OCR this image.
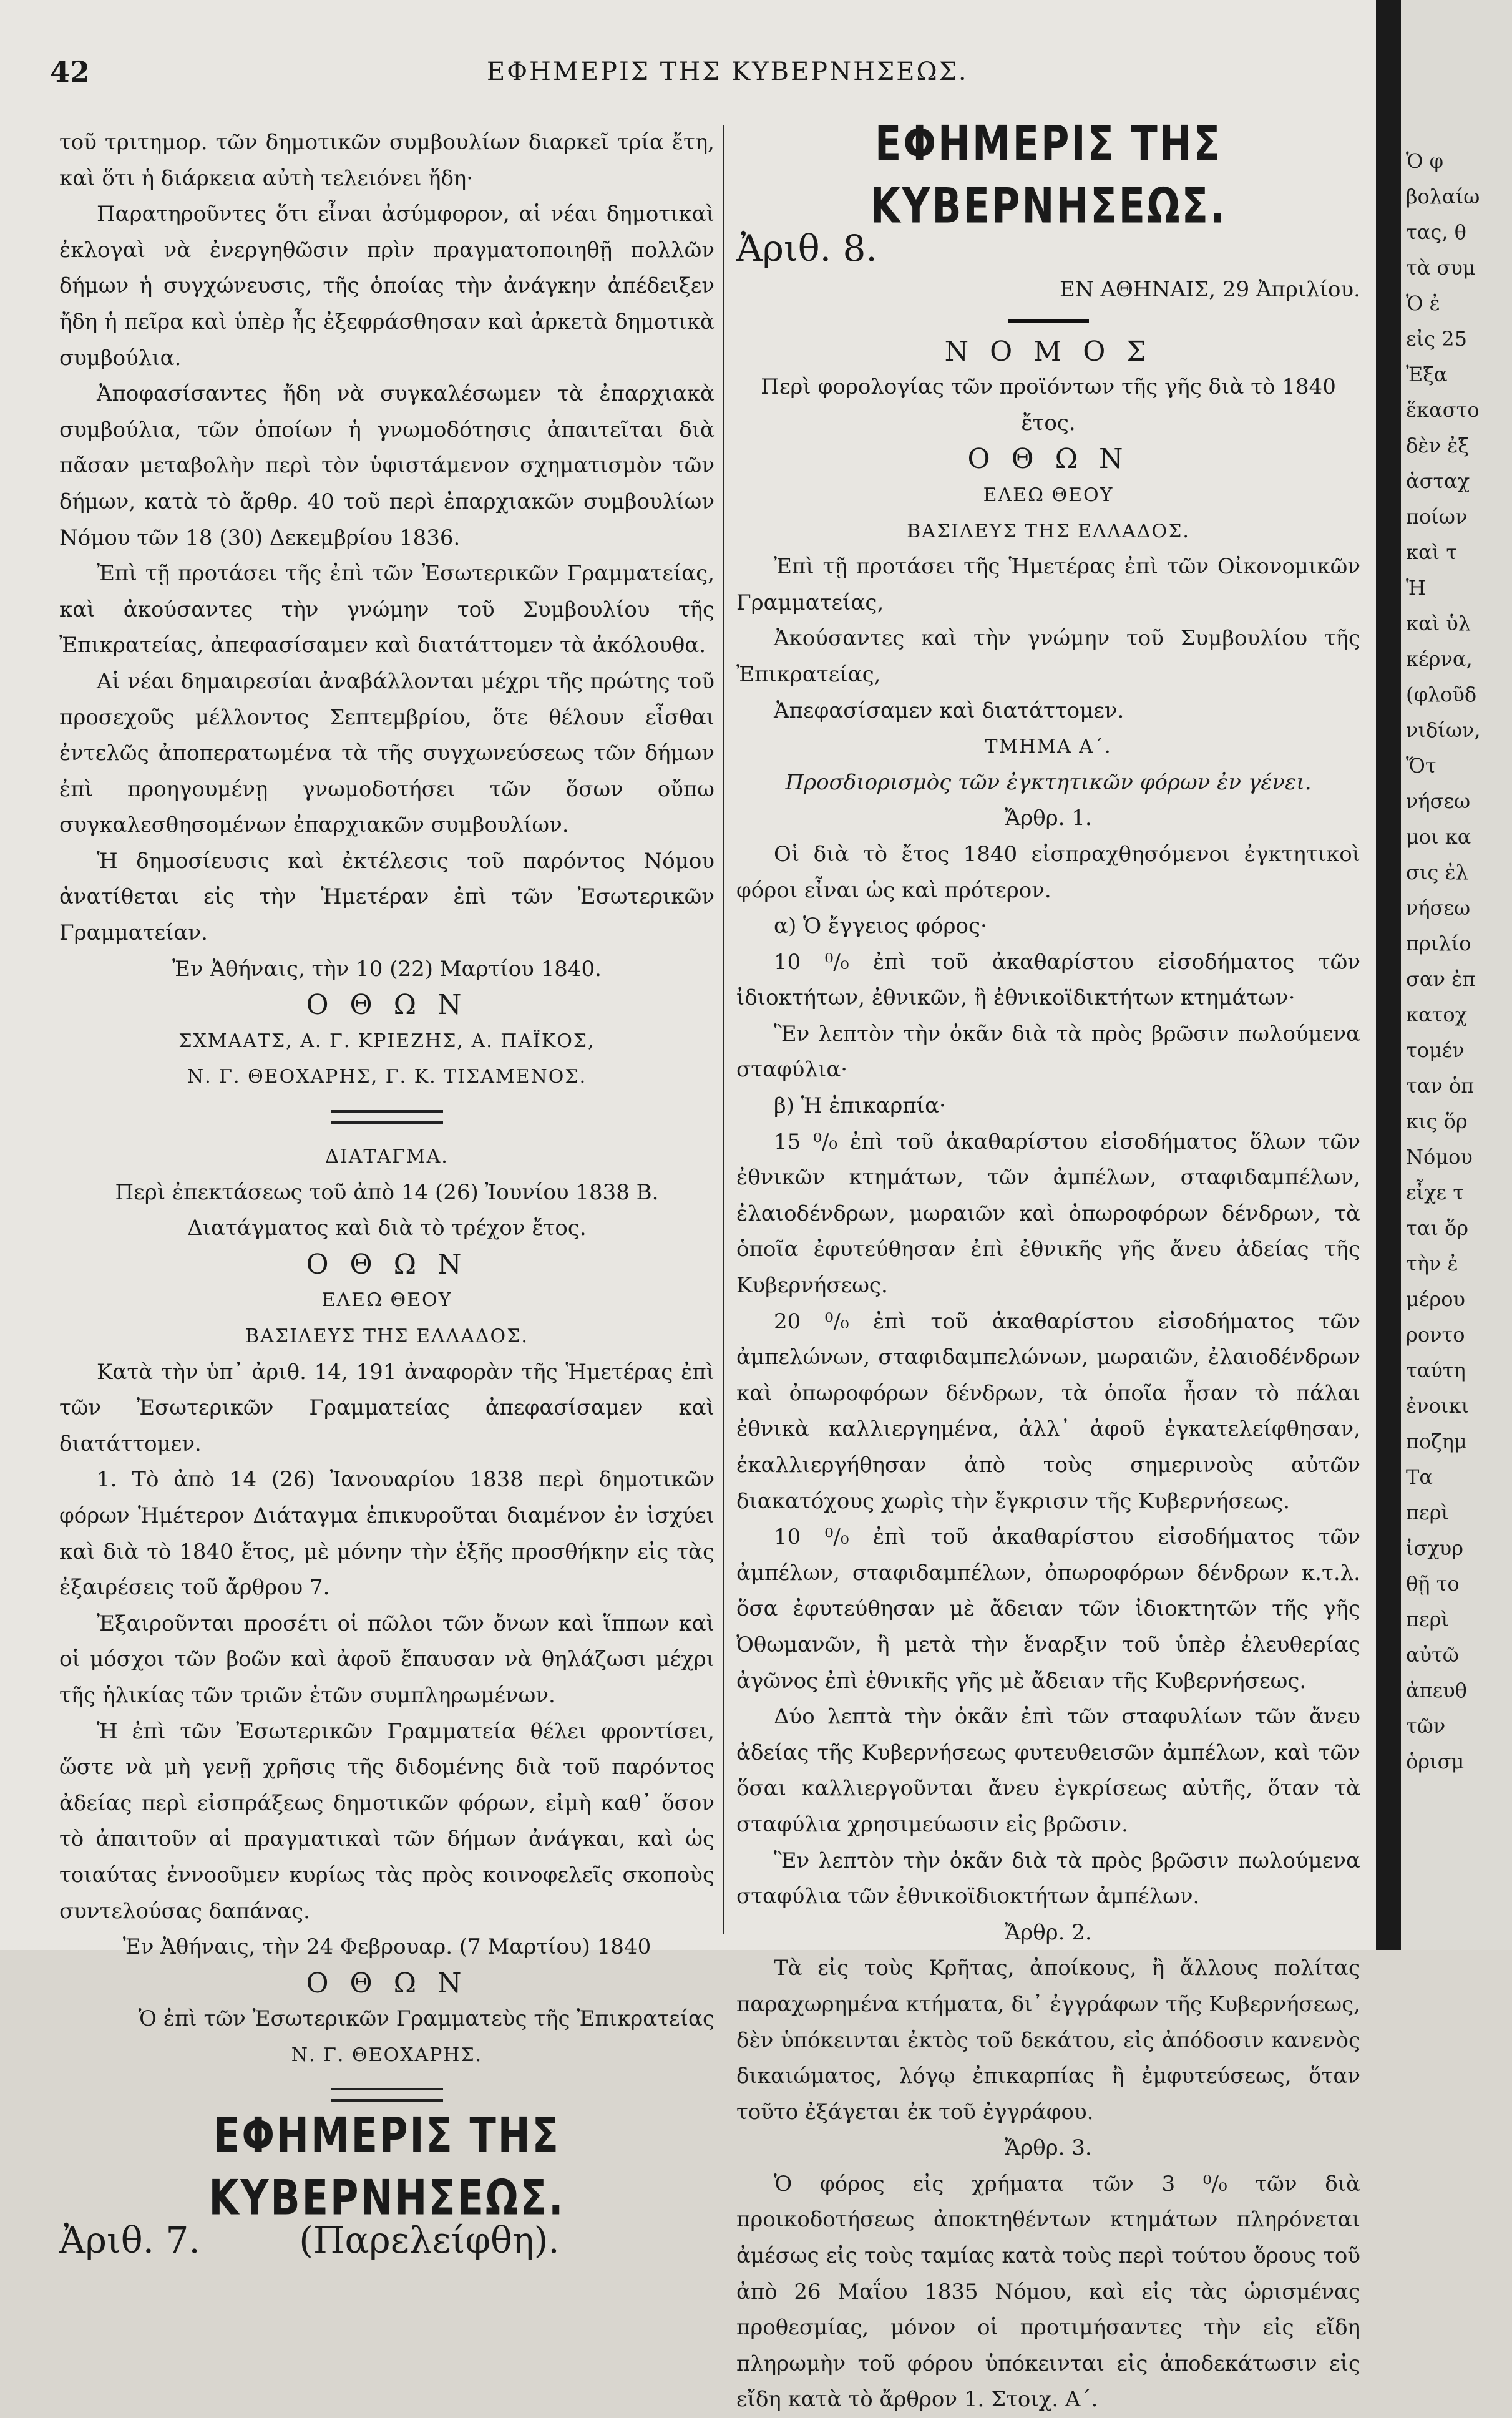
42	ΕΦΗΜΕΡΙΣ ΤΗΣ ΚΥΒΕΡΝΗΣΕΩΣ.

τοῦ τριτημορ. τῶν δημοτικῶν συμβουλίων διαρκεῖ τρία ἔτη, καὶ ὅτι ἡ διάρκεια αὐτὴ τελειόνει ἤδη·

Παρατηροῦντες ὅτι εἶναι ἀσύμφορον, αἱ νέαι δημοτικαὶ ἐκλογαὶ νὰ ἐνεργηθῶσιν πρὶν πραγματοποιηθῇ πολλῶν δήμων ἡ συγχώνευσις, τῆς ὁποίας τὴν ἀνάγκην ἀπέδειξεν ἤδη ἡ πεῖρα καὶ ὑπὲρ ἧς ἐξεφράσθησαν καὶ ἀρκετὰ δημοτικὰ συμβούλια.

Ἀποφασίσαντες ἤδη νὰ συγκαλέσωμεν τὰ ἐπαρχιακὰ συμβούλια, τῶν ὁποίων ἡ γνωμοδότησις ἀπαιτεῖται διὰ πᾶσαν μεταβολὴν περὶ τὸν ὑφιστάμενον σχηματισμὸν τῶν δήμων, κατὰ τὸ ἄρθρ. 40 τοῦ περὶ ἐπαρχιακῶν συμβουλίων Νόμου τῶν 18 (30) Δεκεμβρίου 1836.

Ἐπὶ τῇ προτάσει τῆς ἐπὶ τῶν Ἐσωτερικῶν Γραμματείας, καὶ ἀκούσαντες τὴν γνώμην τοῦ Συμβουλίου τῆς Ἐπικρατείας, ἀπεφασίσαμεν καὶ διατάττομεν τὰ ἀκόλουθα.

Αἱ νέαι δημαιρεσίαι ἀναβάλλονται μέχρι τῆς πρώτης τοῦ προσεχοῦς μέλλοντος Σεπτεμβρίου, ὅτε θέλουν εἶσθαι ἐντελῶς ἀποπερατωμένα τὰ τῆς συγχωνεύσεως τῶν δήμων ἐπὶ προηγουμένῃ γνωμοδοτήσει τῶν ὅσων οὔπω συγκαλεσθησομένων ἐπαρχιακῶν συμβουλίων.

Ἡ δημοσίευσις καὶ ἐκτέλεσις τοῦ παρόντος Νόμου ἀνατίθεται εἰς τὴν Ἡμετέραν ἐπὶ τῶν Ἐσωτερικῶν Γραμματείαν.

Ἐν Ἀθήναις, τὴν 10 (22) Μαρτίου 1840.

Ο Θ Ω Ν

ΣΧΜΑΑΤΣ, Α. Γ. ΚΡΙΕΖΗΣ, Α. ΠΑΪΚΟΣ,

Ν. Γ. ΘΕΟΧΑΡΗΣ, Γ. Κ. ΤΙΣΑΜΕΝΟΣ.

ΔΙΑΤΑΓΜΑ.

Περὶ ἐπεκτάσεως τοῦ ἀπὸ 14 (26) Ἰουνίου 1838 Β. Διατάγματος καὶ διὰ τὸ τρέχον ἔτος.

Ο Θ Ω Ν

ΕΛΕΩ ΘΕΟΥ

ΒΑΣΙΛΕΥΣ ΤΗΣ ΕΛΛΑΔΟΣ.

Κατὰ τὴν ὑπ᾽ ἀριθ. 14, 191 ἀναφορὰν τῆς Ἡμετέρας ἐπὶ τῶν Ἐσωτερικῶν Γραμματείας ἀπεφασίσαμεν καὶ διατάττομεν.

1. Τὸ ἀπὸ 14 (26) Ἰανουαρίου 1838 περὶ δημοτικῶν φόρων Ἡμέτερον Διάταγμα ἐπικυροῦται διαμένον ἐν ἰσχύει καὶ διὰ τὸ 1840 ἔτος, μὲ μόνην τὴν ἑξῆς προσθήκην εἰς τὰς ἐξαιρέσεις τοῦ ἄρθρου 7.

Ἐξαιροῦνται προσέτι οἱ πῶλοι τῶν ὄνων καὶ ἵππων καὶ οἱ μόσχοι τῶν βοῶν καὶ ἀφοῦ ἔπαυσαν νὰ θηλάζωσι μέχρι τῆς ἡλικίας τῶν τριῶν ἐτῶν συμπληρωμένων.

Ἡ ἐπὶ τῶν Ἐσωτερικῶν Γραμματεία θέλει φροντίσει, ὥστε νὰ μὴ γενῇ χρῆσις τῆς διδομένης διὰ τοῦ παρόντος ἀδείας περὶ εἰσπράξεως δημοτικῶν φόρων, εἰμὴ καθ᾽ ὅσον τὸ ἀπαιτοῦν αἱ πραγματικαὶ τῶν δήμων ἀνάγκαι, καὶ ὡς τοιαύτας ἐννοοῦμεν κυρίως τὰς πρὸς κοινοφελεῖς σκοποὺς συντελούσας δαπάνας.

Ἐν Ἀθήναις, τὴν 24 Φεβρουαρ. (7 Μαρτίου) 1840

Ο Θ Ω Ν

Ὁ ἐπὶ τῶν Ἐσωτερικῶν Γραμματεὺς τῆς Ἐπικρατείας

Ν. Γ. ΘΕΟΧΑΡΗΣ.

ΕΦΗΜΕΡΙΣ ΤΗΣ ΚΥΒΕΡΝΗΣΕΩΣ.

Ἀριθ. 7.	(Παρελείφθη).

ΕΦΗΜΕΡΙΣ ΤΗΣ ΚΥΒΕΡΝΗΣΕΩΣ.

Ἀριθ. 8.

ΕΝ ΑΘΗΝΑΙΣ, 29 Ἀπριλίου.

Ν Ο Μ Ο Σ

Περὶ φορολογίας τῶν προϊόντων τῆς γῆς διὰ τὸ 1840 ἔτος.

Ο Θ Ω Ν

ΕΛΕΩ ΘΕΟΥ

ΒΑΣΙΛΕΥΣ ΤΗΣ ΕΛΛΑΔΟΣ.

Ἐπὶ τῇ προτάσει τῆς Ἡμετέρας ἐπὶ τῶν Οἰκονομικῶν Γραμματείας,

Ἀκούσαντες καὶ τὴν γνώμην τοῦ Συμβουλίου τῆς Ἐπικρατείας,

Ἀπεφασίσαμεν καὶ διατάττομεν.

ΤΜΗΜΑ Α΄.

Προσδιορισμὸς τῶν ἐγκτητικῶν φόρων ἐν γένει.

Ἄρθρ. 1.

Οἱ διὰ τὸ ἔτος 1840 εἰσπραχθησόμενοι ἐγκτητικοὶ φόροι εἶναι ὡς καὶ πρότερον.

α) Ὁ ἔγγειος φόρος·

10 ⁰/₀ ἐπὶ τοῦ ἀκαθαρίστου εἰσοδήματος τῶν ἰδιοκτήτων, ἐθνικῶν, ἢ ἐθνικοϊδικτήτων κτημάτων·

Ἓν λεπτὸν τὴν ὀκᾶν διὰ τὰ πρὸς βρῶσιν πωλούμενα σταφύλια·

β) Ἡ ἐπικαρπία·

15 ⁰/₀ ἐπὶ τοῦ ἀκαθαρίστου εἰσοδήματος ὅλων τῶν ἐθνικῶν κτημάτων, τῶν ἀμπέλων, σταφιδαμπέλων, ἐλαιοδένδρων, μωραιῶν καὶ ὀπωροφόρων δένδρων, τὰ ὁποῖα ἐφυτεύθησαν ἐπὶ ἐθνικῆς γῆς ἄνευ ἀδείας τῆς Κυβερνήσεως.

20 ⁰/₀ ἐπὶ τοῦ ἀκαθαρίστου εἰσοδήματος τῶν ἀμπελώνων, σταφιδαμπελώνων, μωραιῶν, ἐλαιοδένδρων καὶ ὀπωροφόρων δένδρων, τὰ ὁποῖα ἦσαν τὸ πάλαι ἐθνικὰ καλλιεργημένα, ἀλλ᾽ ἀφοῦ ἐγκατελείφθησαν, ἐκαλλιεργήθησαν ἀπὸ τοὺς σημερινοὺς αὐτῶν διακατόχους χωρὶς τὴν ἔγκρισιν τῆς Κυβερνήσεως.

10 ⁰/₀ ἐπὶ τοῦ ἀκαθαρίστου εἰσοδήματος τῶν ἀμπέλων, σταφιδαμπέλων, ὀπωροφόρων δένδρων κ.τ.λ. ὅσα ἐφυτεύθησαν μὲ ἄδειαν τῶν ἰδιοκτητῶν τῆς γῆς Ὀθωμανῶν, ἢ μετὰ τὴν ἔναρξιν τοῦ ὑπὲρ ἐλευθερίας ἀγῶνος ἐπὶ ἐθνικῆς γῆς μὲ ἄδειαν τῆς Κυβερνήσεως.

Δύο λεπτὰ τὴν ὀκᾶν ἐπὶ τῶν σταφυλίων τῶν ἄνευ ἀδείας τῆς Κυβερνήσεως φυτευθεισῶν ἀμπέλων, καὶ τῶν ὅσαι καλλιεργοῦνται ἄνευ ἐγκρίσεως αὐτῆς, ὅταν τὰ σταφύλια χρησιμεύωσιν εἰς βρῶσιν.

Ἓν λεπτὸν τὴν ὀκᾶν διὰ τὰ πρὸς βρῶσιν πωλούμενα σταφύλια τῶν ἐθνικοϊδιοκτήτων ἀμπέλων.

Ἄρθρ. 2.

Τὰ εἰς τοὺς Κρῆτας, ἀποίκους, ἢ ἄλλους πολίτας παραχωρημένα κτήματα, δι᾽ ἐγγράφων τῆς Κυβερνήσεως, δὲν ὑπόκεινται ἐκτὸς τοῦ δεκάτου, εἰς ἀπόδοσιν κανενὸς δικαιώματος, λόγῳ ἐπικαρπίας ἢ ἐμφυτεύσεως, ὅταν τοῦτο ἐξάγεται ἐκ τοῦ ἐγγράφου.

Ἄρθρ. 3.

Ὁ φόρος εἰς χρήματα τῶν 3 ⁰/₀ τῶν διὰ προικοδοτήσεως ἀποκτηθέντων κτημάτων πληρόνεται ἀμέσως εἰς τοὺς ταμίας κατὰ τοὺς περὶ τούτου ὅρους τοῦ ἀπὸ 26 Μαΐου 1835 Νόμου, καὶ εἰς τὰς ὡρισμένας προθεσμίας, μόνον οἱ προτιμήσαντες τὴν εἰς εἴδη πληρωμὴν τοῦ φόρου ὑπόκεινται εἰς ἀποδεκάτωσιν εἰς εἴδη κατὰ τὸ ἄρθρον 1. Στοιχ. Α΄.

Ὁ φ
βολαίω
τας, θ
τὰ συμ
Ὁ ἐ
εἰς 25
Ἐξα
ἕκαστο
δὲν ἐξ
ἀσταχ
ποίων
καὶ τ
Ἡ
καὶ ὑλ
κέρνα,
(φλοῦδ
νιδίων,
Ὅτ
νήσεω
μοι κα
σις ἐλ
νήσεω
πριλίο
σαν ἐπ
κατοχ
τομέν
ταν ὁπ
κις ὅρ
Νόμου
εἶχε τ
ται ὅρ
τὴν ἐ
μέρου
ροντο
ταύτη
ἐνοικι
ποζημ
Τα
περὶ
ἰσχυρ
θῇ το
περὶ
αὐτῶ
ἀπευθ
τῶν
ὁρισμ
